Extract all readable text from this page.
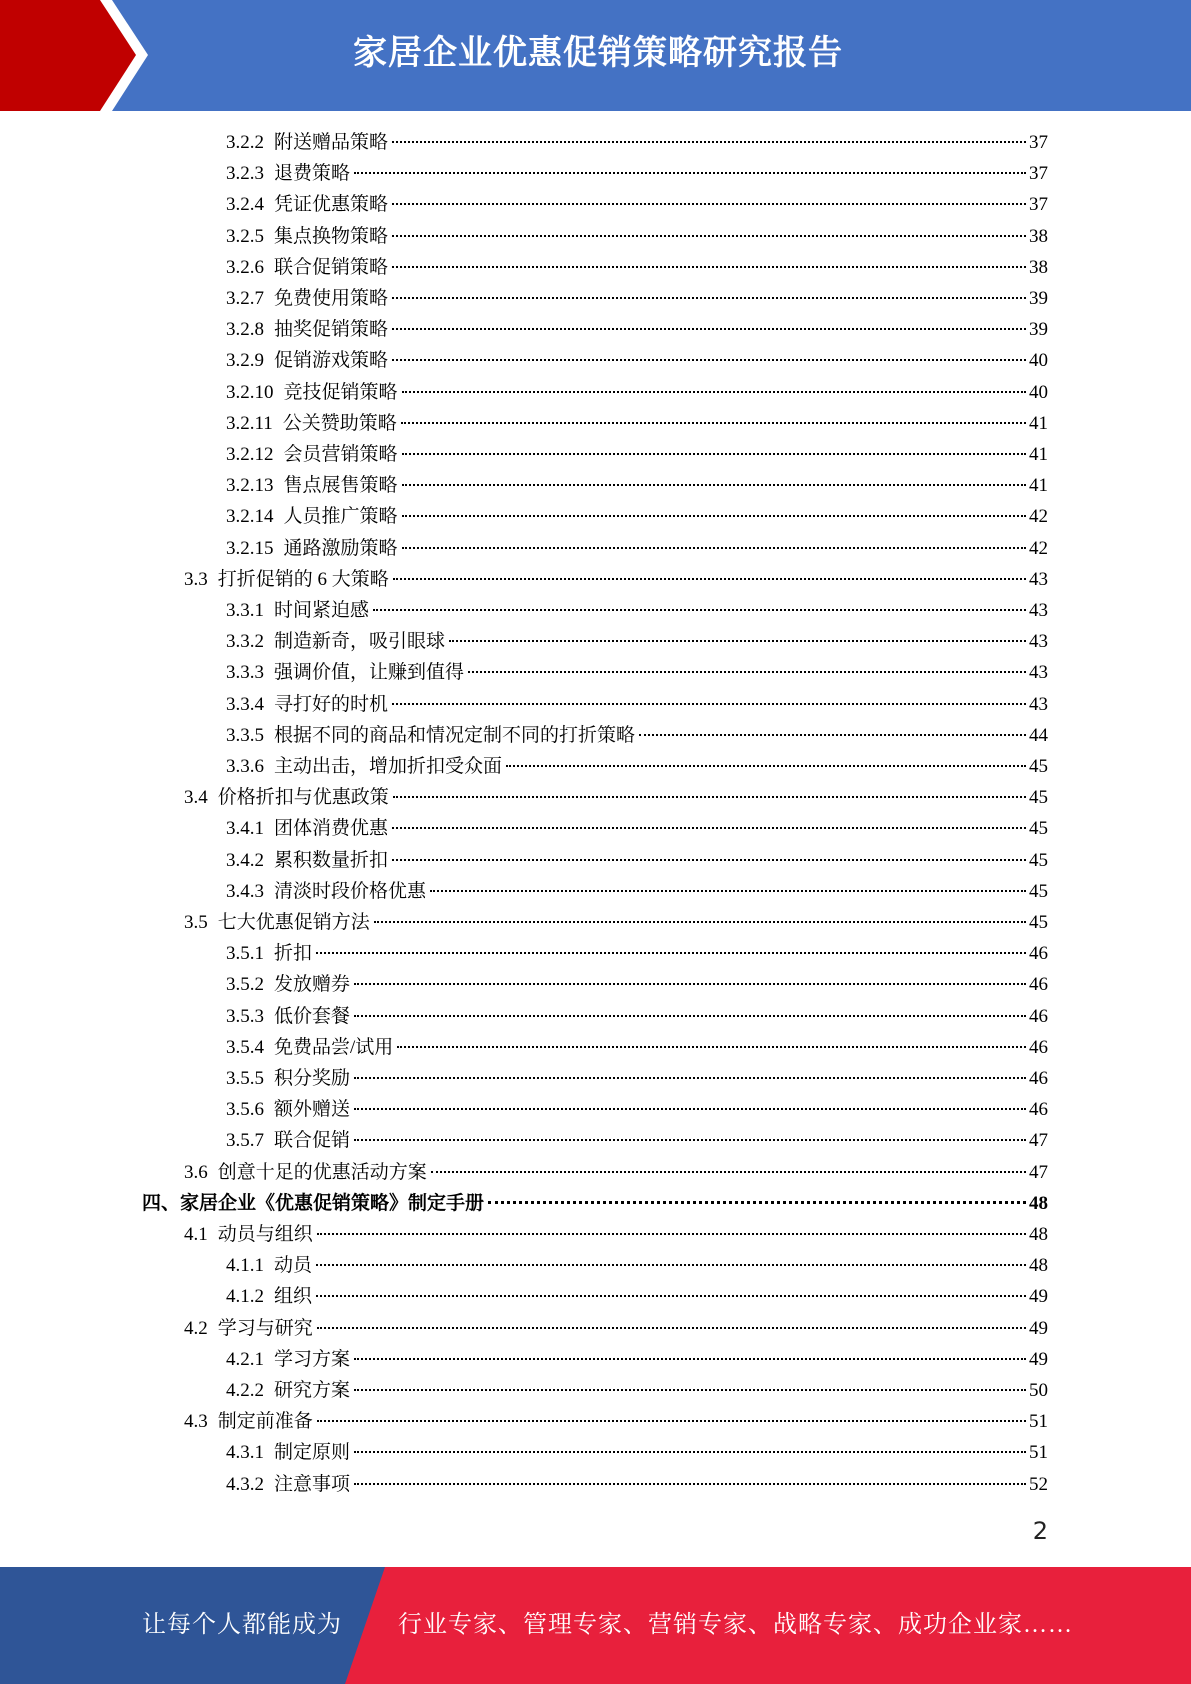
家居企业优惠促销策略研究报告
3.2.2 附送赠品策略	37
3.2.3 退费策略	37
3.2.4 凭证优惠策略	37
3.2.5 集点换物策略	38
3.2.6 联合促销策略	38
3.2.7 免费使用策略	39
3.2.8 抽奖促销策略	39
3.2.9 促销游戏策略	40
3.2.10 竞技促销策略	40
3.2.11 公关赞助策略	41
3.2.12 会员营销策略	41
3.2.13 售点展售策略	41
3.2.14 人员推广策略	42
3.2.15 通路激励策略	42
3.3 打折促销的 6 大策略	43
3.3.1 时间紧迫感	43
3.3.2 制造新奇，吸引眼球	43
3.3.3 强调价值，让赚到值得	43
3.3.4 寻打好的时机	43
3.3.5 根据不同的商品和情况定制不同的打折策略	44
3.3.6 主动出击，增加折扣受众面	45
3.4 价格折扣与优惠政策	45
3.4.1 团体消费优惠	45
3.4.2 累积数量折扣	45
3.4.3 清淡时段价格优惠	45
3.5 七大优惠促销方法	45
3.5.1 折扣	46
3.5.2 发放赠券	46
3.5.3 低价套餐	46
3.5.4 免费品尝/试用	46
3.5.5 积分奖励	46
3.5.6 额外赠送	46
3.5.7 联合促销	47
3.6 创意十足的优惠活动方案	47
四、家居企业《优惠促销策略》制定手册	48
4.1 动员与组织	48
4.1.1 动员	48
4.1.2 组织	49
4.2 学习与研究	49
4.2.1 学习方案	49
4.2.2 研究方案	50
4.3 制定前准备	51
4.3.1 制定原则	51
4.3.2 注意事项	52
2
让每个人都能成为 行业专家、管理专家、营销专家、战略专家、成功企业家……
